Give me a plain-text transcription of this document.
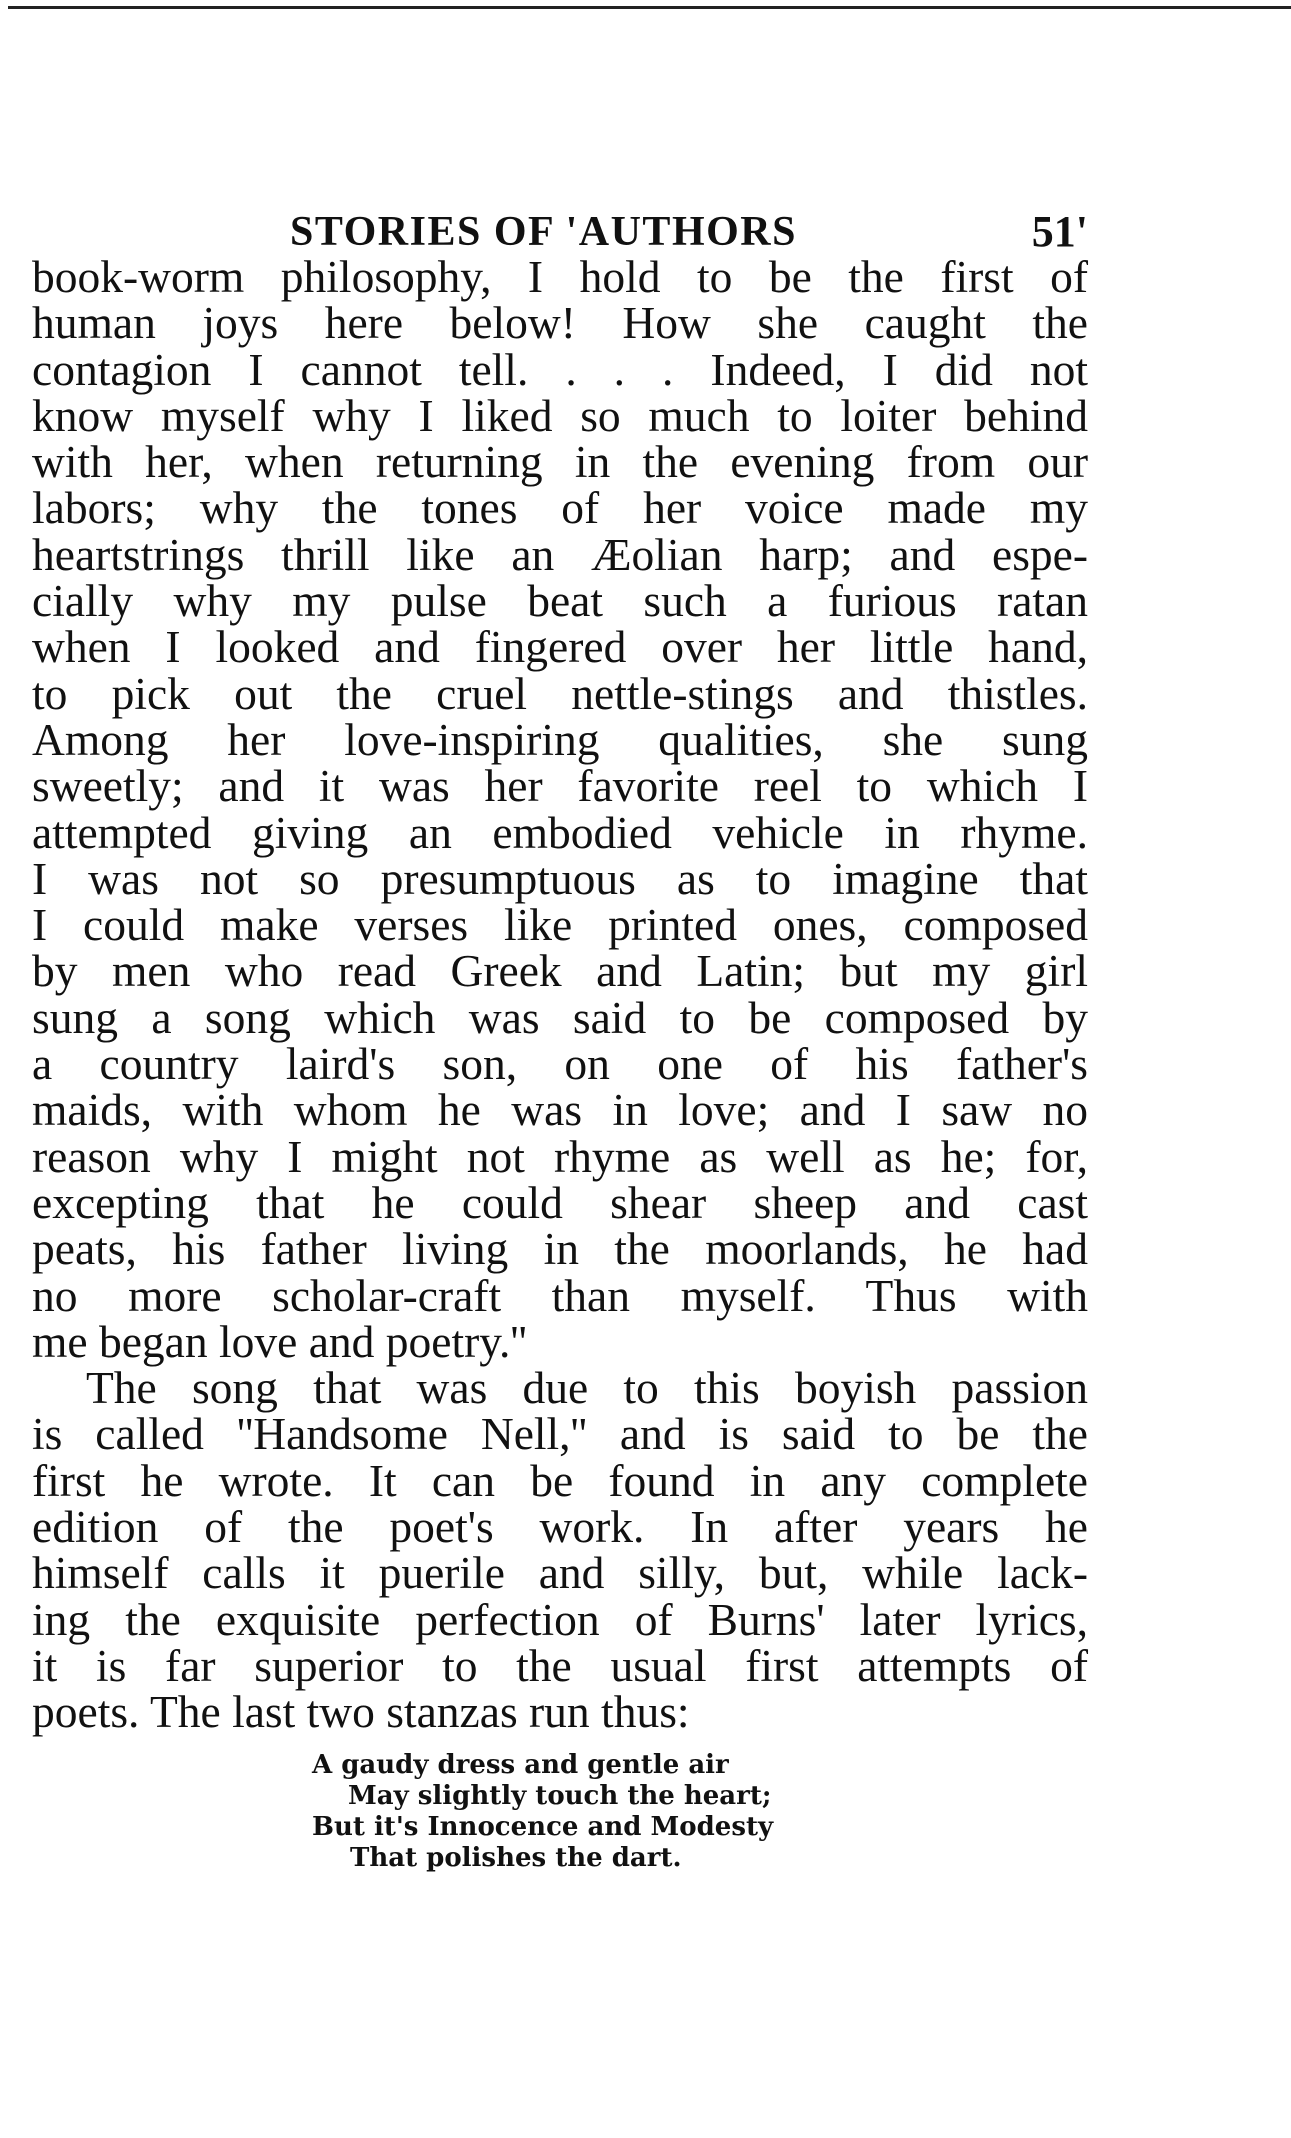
STORIES OF 'AUTHORS	51'
book-worm philosophy, I hold to be the first of
human joys here below! How she caught the
contagion I cannot tell. . . . Indeed, I did not
know myself why I liked so much to loiter behind
with her, when returning in the evening from our
labors; why the tones of her voice made my
heartstrings thrill like an Æolian harp; and espe-
cially why my pulse beat such a furious ratan
when I looked and fingered over her little hand,
to pick out the cruel nettle-stings and thistles.
Among her love-inspiring qualities, she sung
sweetly; and it was her favorite reel to which I
attempted giving an embodied vehicle in rhyme.
I was not so presumptuous as to imagine that
I could make verses like printed ones, composed
by men who read Greek and Latin; but my girl
sung a song which was said to be composed by
a country laird's son, on one of his father's
maids, with whom he was in love; and I saw no
reason why I might not rhyme as well as he; for,
excepting that he could shear sheep and cast
peats, his father living in the moorlands, he had
no more scholar-craft than myself. Thus with
me began love and poetry.''
The song that was due to this boyish passion
is called ''Handsome Nell,'' and is said to be the
first he wrote. It can be found in any complete
edition of the poet's work. In after years he
himself calls it puerile and silly, but, while lack-
ing the exquisite perfection of Burns' later lyrics,
it is far superior to the usual first attempts of
poets. The last two stanzas run thus:
A gaudy dress and gentle air
May slightly touch the heart;
But it's Innocence and Modesty
That polishes the dart.
